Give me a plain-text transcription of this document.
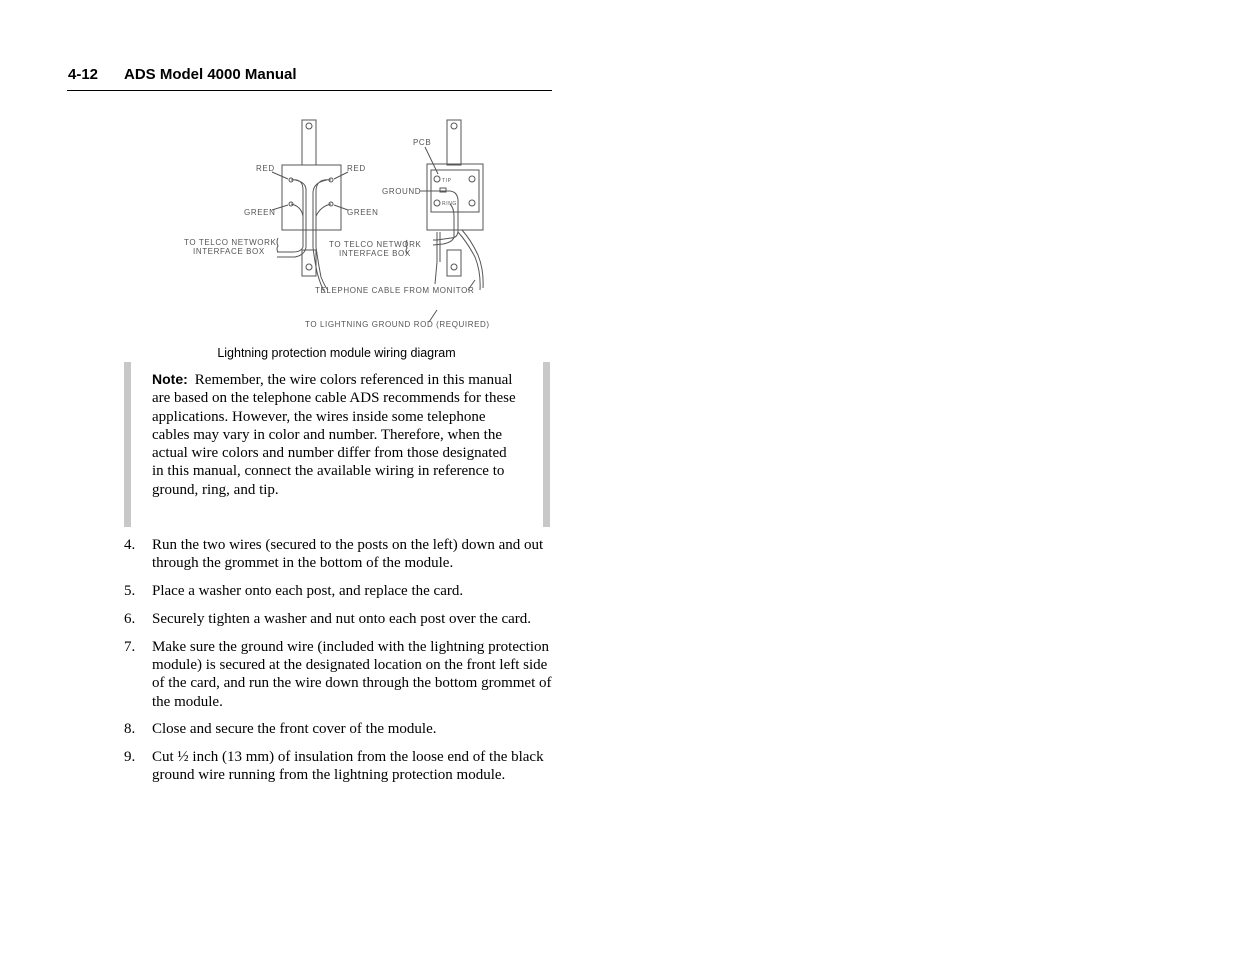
4-12 ADS Model 4000 Manual
RED	RED
GREEN	GREEN
TO TELCO NETWORK
INTERFACE BOX
TO TELCO NETWORK
INTERFACE BOX
PCB
GROUND
TIP
RING
TELEPHONE CABLE FROM MONITOR
TO LIGHTNING GROUND ROD (REQUIRED)
Lightning protection module wiring diagram
Note: Remember, the wire colors referenced in this manual are based on the telephone cable ADS recommends for these applications. However, the wires inside some telephone cables may vary in color and number. Therefore, when the actual wire colors and number differ from those designated in this manual, connect the available wiring in reference to ground, ring, and tip.
4. Run the two wires (secured to the posts on the left) down and out through the grommet in the bottom of the module.
5. Place a washer onto each post, and replace the card.
6. Securely tighten a washer and nut onto each post over the card.
7. Make sure the ground wire (included with the lightning protection module) is secured at the designated location on the front left side of the card, and run the wire down through the bottom grommet of the module.
8. Close and secure the front cover of the module.
9. Cut ½ inch (13 mm) of insulation from the loose end of the black ground wire running from the lightning protection module.
